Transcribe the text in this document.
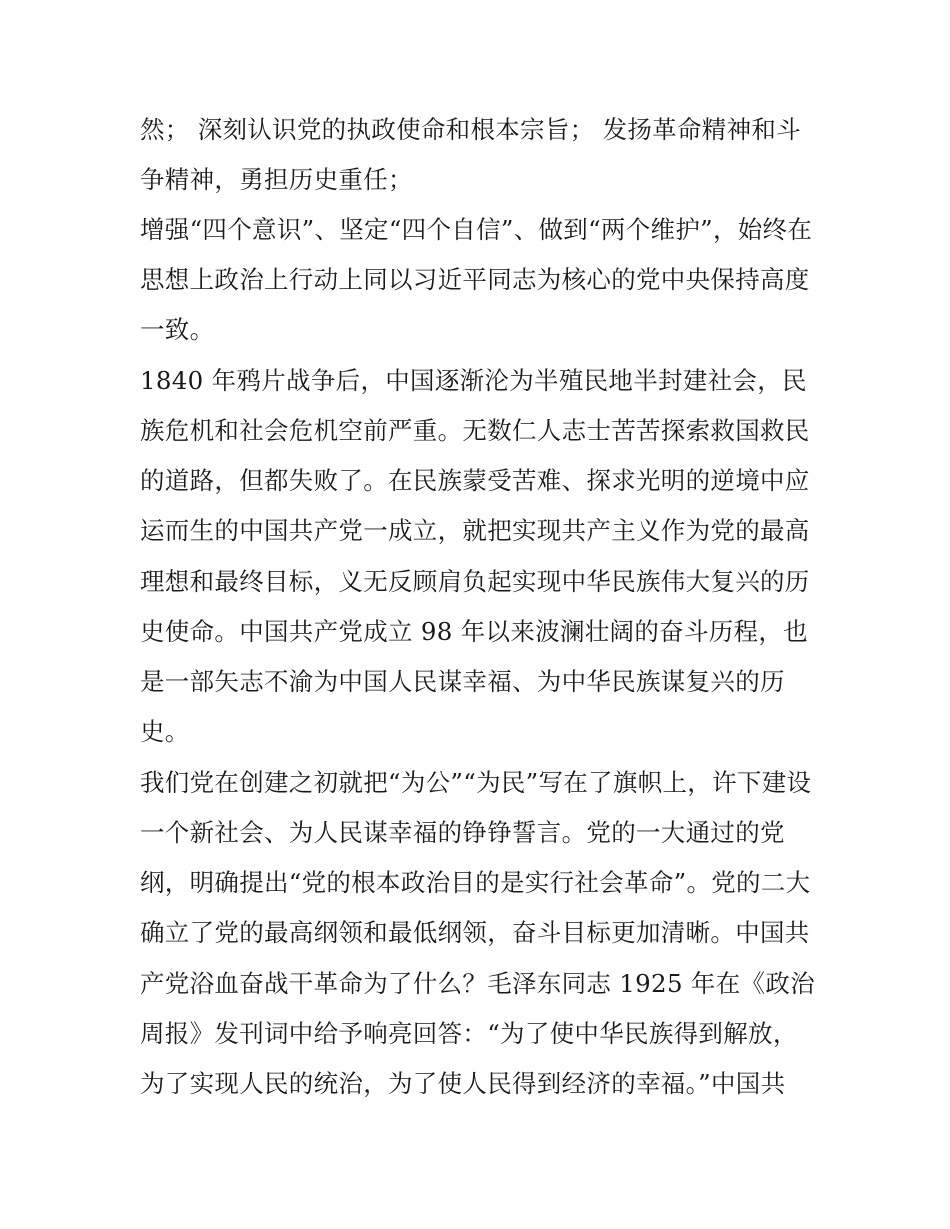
然； 深刻认识党的执政使命和根本宗旨； 发扬革命精神和斗
争精神，勇担历史重任；
增强“四个意识”、坚定“四个自信”、做到“两个维护”，始终在
思想上政治上行动上同以习近平同志为核心的党中央保持高度
一致。
1840 年鸦片战争后，中国逐渐沦为半殖民地半封建社会，民
族危机和社会危机空前严重。无数仁人志士苦苦探索救国救民
的道路，但都失败了。在民族蒙受苦难、探求光明的逆境中应
运而生的中国共产党一成立，就把实现共产主义作为党的最高
理想和最终目标，义无反顾肩负起实现中华民族伟大复兴的历
史使命。中国共产党成立 98 年以来波澜壮阔的奋斗历程，也
是一部矢志不渝为中国人民谋幸福、为中华民族谋复兴的历
史。
我们党在创建之初就把“为公”“为民”写在了旗帜上，许下建设
一个新社会、为人民谋幸福的铮铮誓言。党的一大通过的党
纲，明确提出“党的根本政治目的是实行社会革命”。党的二大
确立了党的最高纲领和最低纲领，奋斗目标更加清晰。中国共
产党浴血奋战干革命为了什么？毛泽东同志 1925 年在《政治
周报》发刊词中给予响亮回答：“为了使中华民族得到解放，
为了实现人民的统治，为了使人民得到经济的幸福。”中国共
